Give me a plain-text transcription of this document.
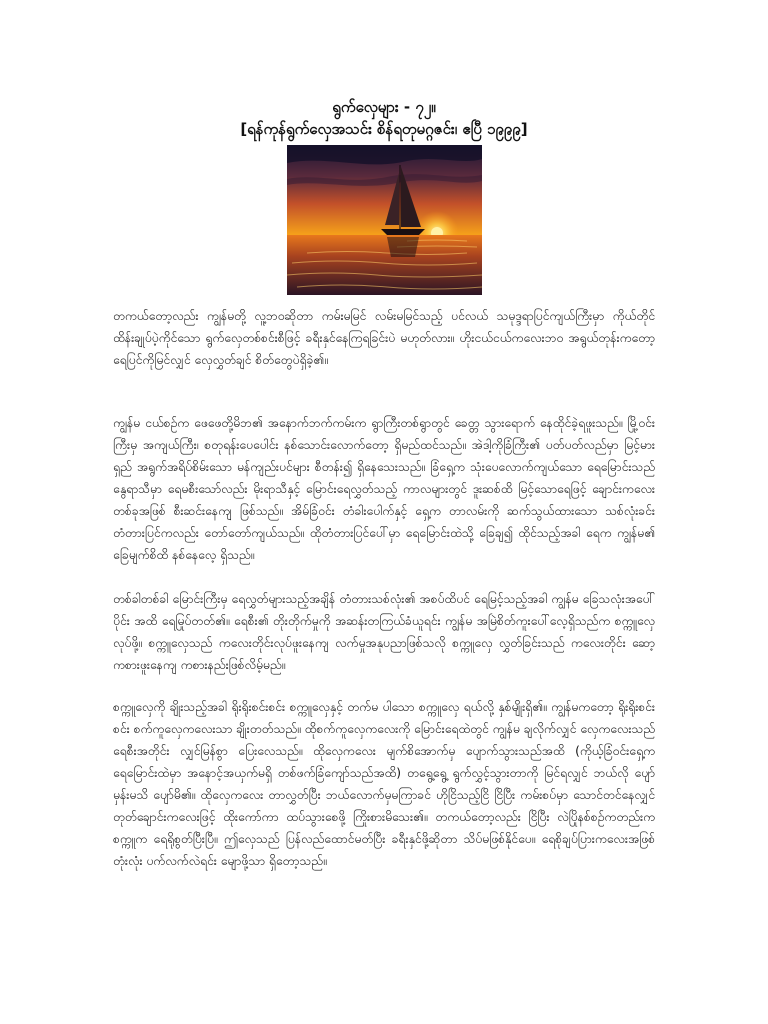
ရွက်လှေများ - ၇၂။
[ရန်ကုန်ရွက်လှေအသင်း စိန်ရတုမဂ္ဂဇင်း၊ ဧပြီ ၁၉၉၉]

တကယ်တော့လည်း ကျွန်မတို့ လူ့ဘဝဆိုတာ ကမ်းမမြင် လမ်းမမြင်သည့် ပင်လယ် သမုဒ္ဒရာပြင်ကျယ်ကြီးမှာ ကိုယ်တိုင် ထိန်းချုပ်ပဲ့ကိုင်သော ရွက်လှေတစ်စင်းစီဖြင့် ခရီးနှင်နေကြရခြင်းပဲ မဟုတ်လား။ ဟိုးငယ်ငယ်ကလေးဘဝ အရွယ်တုန်းကတော့ ရေပြင်ကိုမြင်လျှင် လှေလွှတ်ချင် စိတ်တွေပဲရှိခဲ့၏။

ကျွန်မ ငယ်စဉ်က ဖေဖေတို့မိဘ၏ အနောက်ဘက်ကမ်းက ရွာကြီးတစ်ရွာတွင် ခေတ္တ သွားရောက် နေထိုင်ခဲ့ရဖူးသည်။ မြို့ဝင်းကြီးမှ အကျယ်ကြီး၊ စတုရန်းပေပေါင်း နစ်သောင်းလောက်တော့ ရှိမည်ထင်သည်။ အဲဒါ့ကိုခြံကြီး၏ ပတ်ပတ်လည်မှာ မြင့်မားရှည် အရွက်အရိပ်စိမ်းသော မန်ကျည်းပင်များ စီတန်း၍ ရှိနေသေးသည်။ ခြံရှေ့က သုံးပေလောက်ကျယ်သော ရေမြောင်းသည် နွေရာသီမှာ ရေမစီးသော်လည်း မိုးရာသီနှင့် မြောင်းရေလွှတ်သည့် ကာလများတွင် ဒူးဆစ်ထိ မြင့်သောရေဖြင့် ချောင်းကလေးတစ်ခုအဖြစ် စီးဆင်းနေကျ ဖြစ်သည်။ အိမ်ခြံဝင်း တံခါးပေါက်နှင့် ရှေ့က တာလမ်းကို ဆက်သွယ်ထားသော သစ်လုံးခင်း တံတားပြင်ကလည်း တော်တော်ကျယ်သည်။ ထိုတံတားပြင်ပေါ်မှာ ရေမြောင်းထဲသို့ ခြေချ၍ ထိုင်သည့်အခါ ရေက ကျွန်မ၏ ခြေမျက်စိထိ နစ်နေလေ့ ရှိသည်။

တစ်ခါတစ်ခါ မြောင်းကြီးမှ ရေလွှတ်များသည့်အချိန် တံတားသစ်လုံး၏ အစပ်ထိပင် ရေမြင့်သည့်အခါ ကျွန်မ ခြေသလုံးအပေါ်ပိုင်း အထိ ရေမြုပ်တတ်၏။ ရေစီး၏ တိုးတိုက်မှုကို အဆန်းတကြယ်ခံယူရင်း ကျွန်မ အမြဲစိတ်ကူးပေါ်လေ့ရှိသည်က စက္ကူလှေလုပ်ဖို့။ စက္ကူလှေသည် ကလေးတိုင်းလုပ်ဖူးနေကျ လက်မှုအနုပညာဖြစ်သလို စက္ကူလှေ လွှတ်ခြင်းသည် ကလေးတိုင်း ဆော့ကစားဖူးနေကျ ကစားနည်းဖြစ်လိမ့်မည်။

စက္ကူလှေကို ချိုးသည့်အခါ ရိုးရိုးစင်းစင်း စက္ကူလှေနှင့် တက်မ ပါသော စက္ကူလှေ ရယ်လို့ နှစ်မျိုးရှိ၏။ ကျွန်မကတော့ ရိုးရိုးစင်းစင်း စက်ကူလှေကလေးသာ ချိုးတတ်သည်။ ထိုစက်ကူလှေကလေးကို မြောင်းရေထဲတွင် ကျွန်မ ချလိုက်လျှင် လှေကလေးသည် ရေစီးအတိုင်း လျှင်မြန်စွာ ပြေးလေသည်။ ထိုလှေကလေး မျက်စိအောက်မှ ပျောက်သွားသည်အထိ (ကိုယ့်ခြံဝင်းရှေ့က ရေမြောင်းထဲမှာ အနောင့်အယှက်မရှိ တစ်ဖက်ခြံကျော်သည်အထိ) တရွေ့ရွေ့ ရွက်လွှင့်သွားတာကို မြင်ရလျှင် ဘယ်လို ပျော်မှန်းမသိ ပျော်မိ၏။ ထိုလှေကလေး တာလွှတ်ပြီး ဘယ်လောက်မှမကြာခင် ဟိုငြိသည့်ငြိ ငြိပြီး ကမ်းစပ်မှာ သောင်တင်နေလျှင် တုတ်ချောင်းကလေးဖြင့် ထိုးကော်ကာ ထပ်သွားစေဖို့ ကြိုးစားမိသေး၏။ တကယ်တော့လည်း ငြိပြီး လဲပြိုနစ်စဉ်ကတည်းက စက္ကူက ရေရိုစွတ်ပြီးပြီ။ ဤလှေသည် ပြန်လည်ထောင်မတ်ပြီး ခရီးနှင်ဖို့ဆိုတာ သိပ်မဖြစ်နိုင်ပေ။ ရေစိုချပ်ပြားကလေးအဖြစ် တုံးလုံး ပက်လက်လဲရင်း မျောဖို့သာ ရှိတော့သည်။
